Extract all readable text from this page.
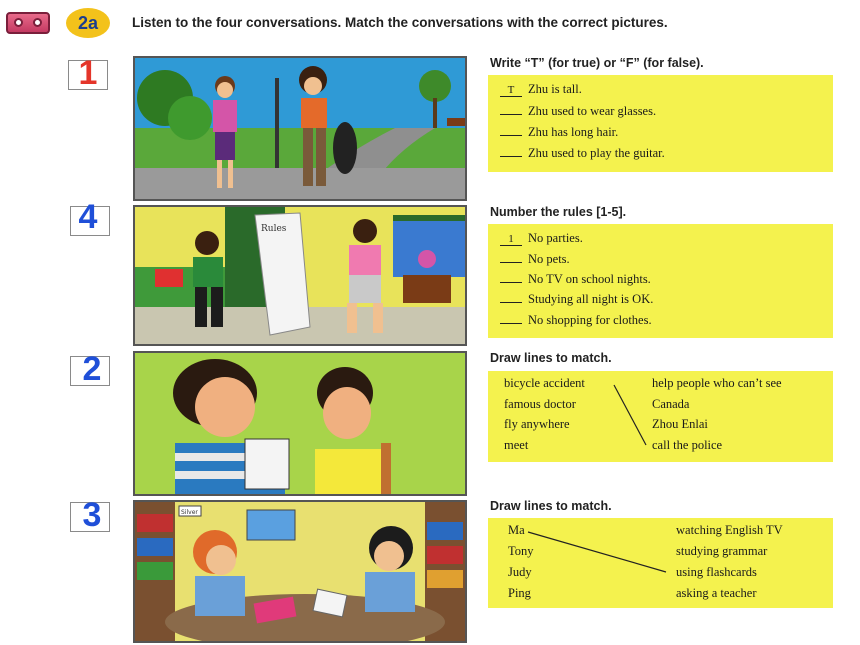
2a	Listen to the four conversations. Match the conversations with the correct pictures.
1
4
2
3
Rules
Silver
Write “T” (for true) or “F” (for false).
T Zhu is tall.
Zhu used to wear glasses.
Zhu has long hair.
Zhu used to play the guitar.
Number the rules [1-5].
1 No parties.
No pets.
No TV on school nights.
Studying all night is OK.
No shopping for clothes.
Draw lines to match.
bicycle accident
famous doctor
fly anywhere
meet
help people who can’t see
Canada
Zhou Enlai
call the police
Draw lines to match.
Ma
Tony
Judy
Ping
watching English TV
studying grammar
using flashcards
asking a teacher
